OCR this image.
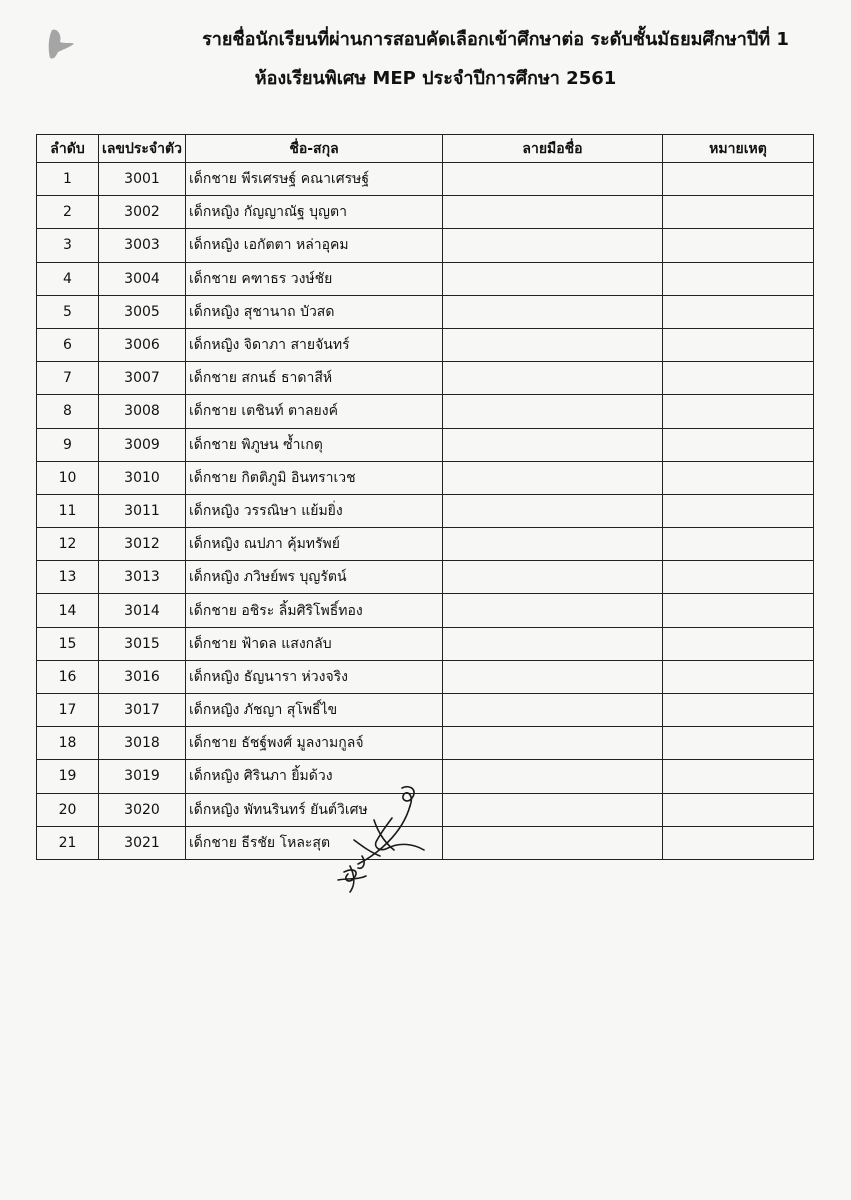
รายชื่อนักเรียนที่ผ่านการสอบคัดเลือกเข้าศึกษาต่อ ระดับชั้นมัธยมศึกษาปีที่ 1
ห้องเรียนพิเศษ MEP ประจำปีการศึกษา 2561
ลำดับ	เลขประจำตัว	ชื่อ-สกุล	ลายมือชื่อ	หมายเหตุ
1	3001	เด็กชาย พีรเศรษฐ์ คณาเศรษฐ์		
2	3002	เด็กหญิง กัญญาณัฐ บุญตา		
3	3003	เด็กหญิง เอกัตตา หล่าอุคม		
4	3004	เด็กชาย คฑาธร วงษ์ชัย		
5	3005	เด็กหญิง สุชานาถ บัวสด		
6	3006	เด็กหญิง จิดาภา สายจันทร์		
7	3007	เด็กชาย สกนธ์ ธาดาสีห์		
8	3008	เด็กชาย เตชินท์ ตาลยงค์		
9	3009	เด็กชาย พิภูษน ซ้ำเกตุ		
10	3010	เด็กชาย กิตติภูมิ อินทราเวช		
11	3011	เด็กหญิง วรรณิษา แย้มยิ่ง		
12	3012	เด็กหญิง ณปภา คุ้มทรัพย์		
13	3013	เด็กหญิง ภวิษย์พร บุญรัตน์		
14	3014	เด็กชาย อชิระ ลิ้มศิริโพธิ์ทอง		
15	3015	เด็กชาย ฟ้าดล แสงกลับ		
16	3016	เด็กหญิง ธัญนารา ห่วงจริง		
17	3017	เด็กหญิง ภัชญา สุโพธิ์ไข		
18	3018	เด็กชาย ธัชฐ์พงศ์ มูลงามกูลจ์		
19	3019	เด็กหญิง ศิรินภา ยิ้มด้วง		
20	3020	เด็กหญิง พัทนรินทร์ ยันต์วิเศษ		
21	3021	เด็กชาย ธีรชัย โหละสุต		
